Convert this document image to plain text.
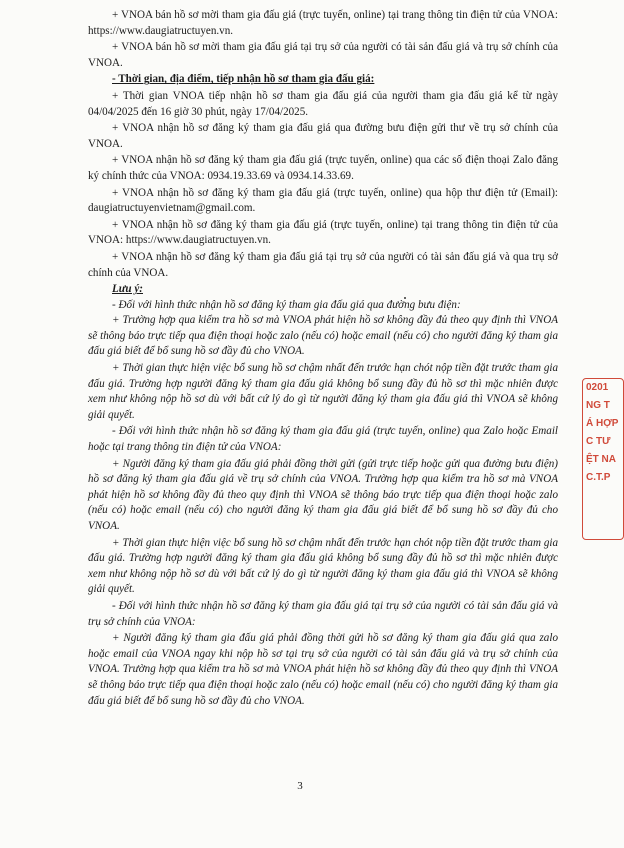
+ VNOA bán hồ sơ mời tham gia đấu giá (trực tuyến, online) tại trang thông tin điện tử của VNOA: https://www.daugiatructuyen.vn.

+ VNOA bán hồ sơ mời tham gia đấu giá tại trụ sở của người có tài sản đấu giá và trụ sở chính của VNOA.

- Thời gian, địa điểm, tiếp nhận hồ sơ tham gia đấu giá:

+ Thời gian VNOA tiếp nhận hồ sơ tham gia đấu giá của người tham gia đấu giá kể từ ngày 04/04/2025 đến 16 giờ 30 phút, ngày 17/04/2025.

+ VNOA nhận hồ sơ đăng ký tham gia đấu giá qua đường bưu điện gửi thư về trụ sở chính của VNOA.

+ VNOA nhận hồ sơ đăng ký tham gia đấu giá (trực tuyến, online) qua các số điện thoại Zalo đăng ký chính thức của VNOA: 0934.19.33.69 và 0934.14.33.69.

+ VNOA nhận hồ sơ đăng ký tham gia đấu giá (trực tuyến, online) qua hộp thư điện tử (Email): daugiatructuyenvietnam@gmail.com.

+ VNOA nhận hồ sơ đăng ký tham gia đấu giá (trực tuyến, online) tại trang thông tin điện tử của VNOA: https://www.daugiatructuyen.vn.

+ VNOA nhận hồ sơ đăng ký tham gia đấu giá tại trụ sở của người có tài sản đấu giá và qua trụ sở chính của VNOA.

Lưu ý:

- Đối với hình thức nhận hồ sơ đăng ký tham gia đấu giá qua đường bưu điện:

+ Trường hợp qua kiểm tra hồ sơ mà VNOA phát hiện hồ sơ không đầy đủ theo quy định thì VNOA sẽ thông báo trực tiếp qua điện thoại hoặc zalo (nếu có) hoặc email (nếu có) cho người đăng ký tham gia đấu giá biết để bổ sung hồ sơ đầy đủ cho VNOA.

+ Thời gian thực hiện việc bổ sung hồ sơ chậm nhất đến trước hạn chót nộp tiền đặt trước tham gia đấu giá. Trường hợp người đăng ký tham gia đấu giá không bổ sung đầy đủ hồ sơ thì mặc nhiên được xem như không nộp hồ sơ dù với bất cứ lý do gì từ người đăng ký tham gia đấu giá thì VNOA sẽ không giải quyết.

- Đối với hình thức nhận hồ sơ đăng ký tham gia đấu giá (trực tuyến, online) qua Zalo hoặc Email hoặc tại trang thông tin điện tử của VNOA:

+ Người đăng ký tham gia đấu giá phải đồng thời gửi (gửi trực tiếp hoặc gửi qua đường bưu điện) hồ sơ đăng ký tham gia đấu giá về trụ sở chính của VNOA. Trường hợp qua kiểm tra hồ sơ mà VNOA phát hiện hồ sơ không đầy đủ theo quy định thì VNOA sẽ thông báo trực tiếp qua điện thoại hoặc zalo (nếu có) hoặc email (nếu có) cho người đăng ký tham gia đấu giá biết để bổ sung hồ sơ đầy đủ cho VNOA.

+ Thời gian thực hiện việc bổ sung hồ sơ chậm nhất đến trước hạn chót nộp tiền đặt trước tham gia đấu giá. Trường hợp người đăng ký tham gia đấu giá không bổ sung đầy đủ hồ sơ thì mặc nhiên được xem như không nộp hồ sơ dù với bất cứ lý do gì từ người đăng ký tham gia đấu giá thì VNOA sẽ không giải quyết.

- Đối với hình thức nhận hồ sơ đăng ký tham gia đấu giá tại trụ sở của người có tài sản đấu giá và trụ sở chính của VNOA:

+ Người đăng ký tham gia đấu giá phải đồng thời gửi hồ sơ đăng ký tham gia đấu giá qua zalo hoặc email của VNOA ngay khi nộp hồ sơ tại trụ sở của người có tài sản đấu giá và trụ sở chính của VNOA. Trường hợp qua kiểm tra hồ sơ mà VNOA phát hiện hồ sơ không đầy đủ theo quy định thì VNOA sẽ thông báo trực tiếp qua điện thoại hoặc zalo (nếu có) hoặc email (nếu có) cho người đăng ký tham gia đấu giá biết để bổ sung hồ sơ đầy đủ cho VNOA.

0201
NG T
Á HỢP
C TƯ
ỆT NA
C.T.P
3
